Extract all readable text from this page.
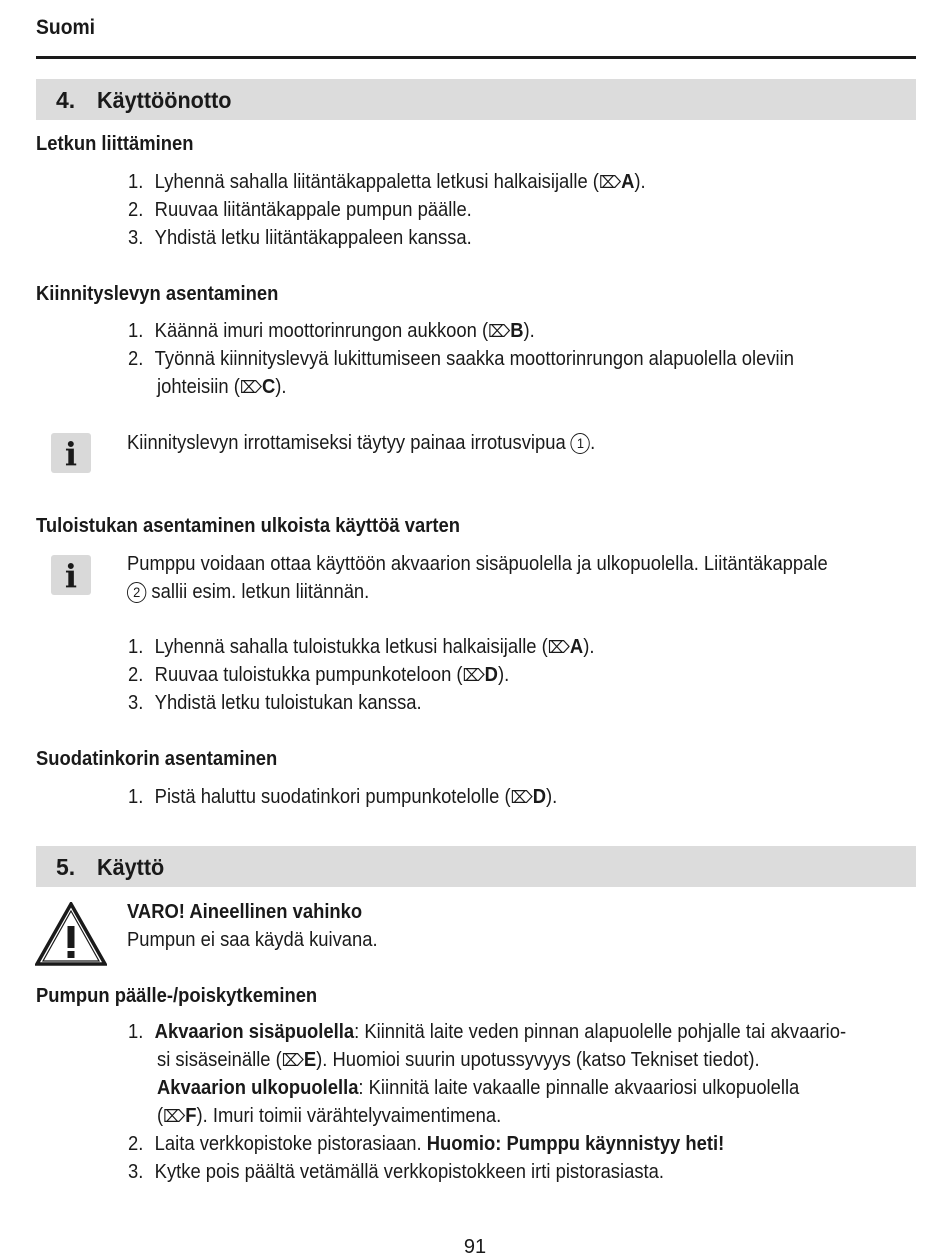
Suomi
4. Käyttöönotto
Letkun liittäminen
1. Lyhennä sahalla liitäntäkappaletta letkusi halkaisijalle (⌦A).
2. Ruuvaa liitäntäkappale pumpun päälle.
3. Yhdistä letku liitäntäkappaleen kanssa.
Kiinnityslevyn asentaminen
1. Käännä imuri moottorinrungon aukkoon (⌦B).
2. Työnnä kiinnityslevyä lukittumiseen saakka moottorinrungon alapuolella oleviin
johteisiin (⌦C).
i	Kiinnityslevyn irrottamiseksi täytyy painaa irrotusvipua 1 .
Tuloistukan asentaminen ulkoista käyttöä varten
i	Pumppu voidaan ottaa käyttöön akvaarion sisäpuolella ja ulkopuolella. Liitäntäkappale
2 sallii esim. letkun liitännän.
1. Lyhennä sahalla tuloistukka letkusi halkaisijalle (⌦A).
2. Ruuvaa tuloistukka pumpunkoteloon (⌦D).
3. Yhdistä letku tuloistukan kanssa.
Suodatinkorin asentaminen
1. Pistä haluttu suodatinkori pumpunkotelolle (⌦D).
5. Käyttö
VARO! Aineellinen vahinko
Pumpun ei saa käydä kuivana.
Pumpun päälle-/poiskytkeminen
1. Akvaarion sisäpuolella: Kiinnitä laite veden pinnan alapuolelle pohjalle tai akvaario-
si sisäseinälle (⌦E). Huomioi suurin upotussyvyys (katso Tekniset tiedot).
Akvaarion ulkopuolella: Kiinnitä laite vakaalle pinnalle akvaariosi ulkopuolella
(⌦F). Imuri toimii värähtelyvaimentimena.
2. Laita verkkopistoke pistorasiaan. Huomio: Pumppu käynnistyy heti!
3. Kytke pois päältä vetämällä verkkopistokkeen irti pistorasiasta.
91
